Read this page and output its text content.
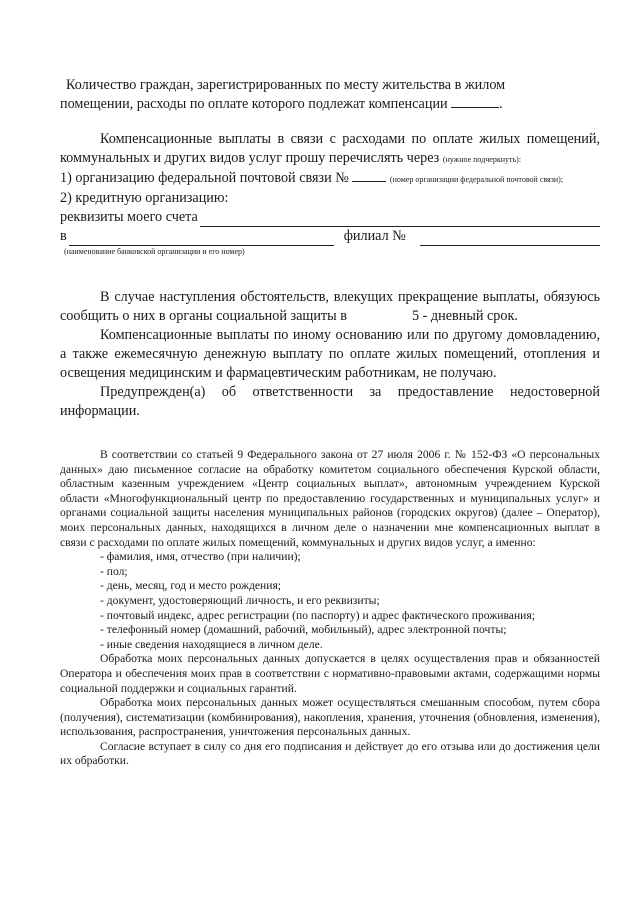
Количество граждан, зарегистрированных по месту жительства в жилом

помещении, расходы по оплате которого подлежат компенсации	.

Компенсационные выплаты в связи с расходами по оплате жилых помещений, коммунальных и других видов услуг прошу перечислять через (нужное подчеркнуть):

1) организацию федеральной почтовой связи №	(номер организации федеральной почтовой связи);

2) кредитную организацию:

реквизиты моего счета
в	филиал №

(наименование банковской организации и его номер)

В случае наступления обстоятельств, влекущих прекращение выплаты, обязуюсь сообщить о них в органы социальной защиты в	5 - дневный срок.

Компенсационные выплаты по иному основанию или по другому домовладению, а также ежемесячную денежную выплату по оплате жилых помещений, отопления и освещения медицинским и фармацевтическим работникам, не получаю.

Предупрежден(а) об ответственности за предоставление недостоверной информации.

В соответствии со статьей 9 Федерального закона от 27 июля 2006 г. № 152-ФЗ «О персональных данных» даю письменное согласие на обработку комитетом социального обеспечения Курской области, областным казенным учреждением «Центр социальных выплат», автономным учреждением Курской области «Многофункциональный центр по предоставлению государственных и муниципальных услуг» и органами социальной защиты населения муниципальных районов (городских округов) (далее – Оператор), моих персональных данных, находящихся в личном деле о назначении мне компенсационных выплат в связи с расходами по оплате жилых помещений, коммунальных и других видов услуг, а именно:

- фамилия, имя, отчество (при наличии);

- пол;

- день, месяц, год и место рождения;

- документ, удостоверяющий личность, и его реквизиты;

- почтовый индекс, адрес регистрации (по паспорту) и адрес фактического проживания;

- телефонный номер (домашний, рабочий, мобильный), адрес электронной почты;

- иные сведения находящиеся в личном деле.

Обработка моих персональных данных допускается в целях осуществления прав и обязанностей Оператора и обеспечения моих прав в соответствии с нормативно-правовыми актами, содержащими нормы социальной поддержки и социальных гарантий.

Обработка моих персональных данных может осуществляться смешанным способом, путем сбора (получения), систематизации (комбинирования), накопления, хранения, уточнения (обновления, изменения), использования, распространения, уничтожения персональных данных.

Согласие вступает в силу со дня его подписания и действует до его отзыва или до достижения цели их обработки.
